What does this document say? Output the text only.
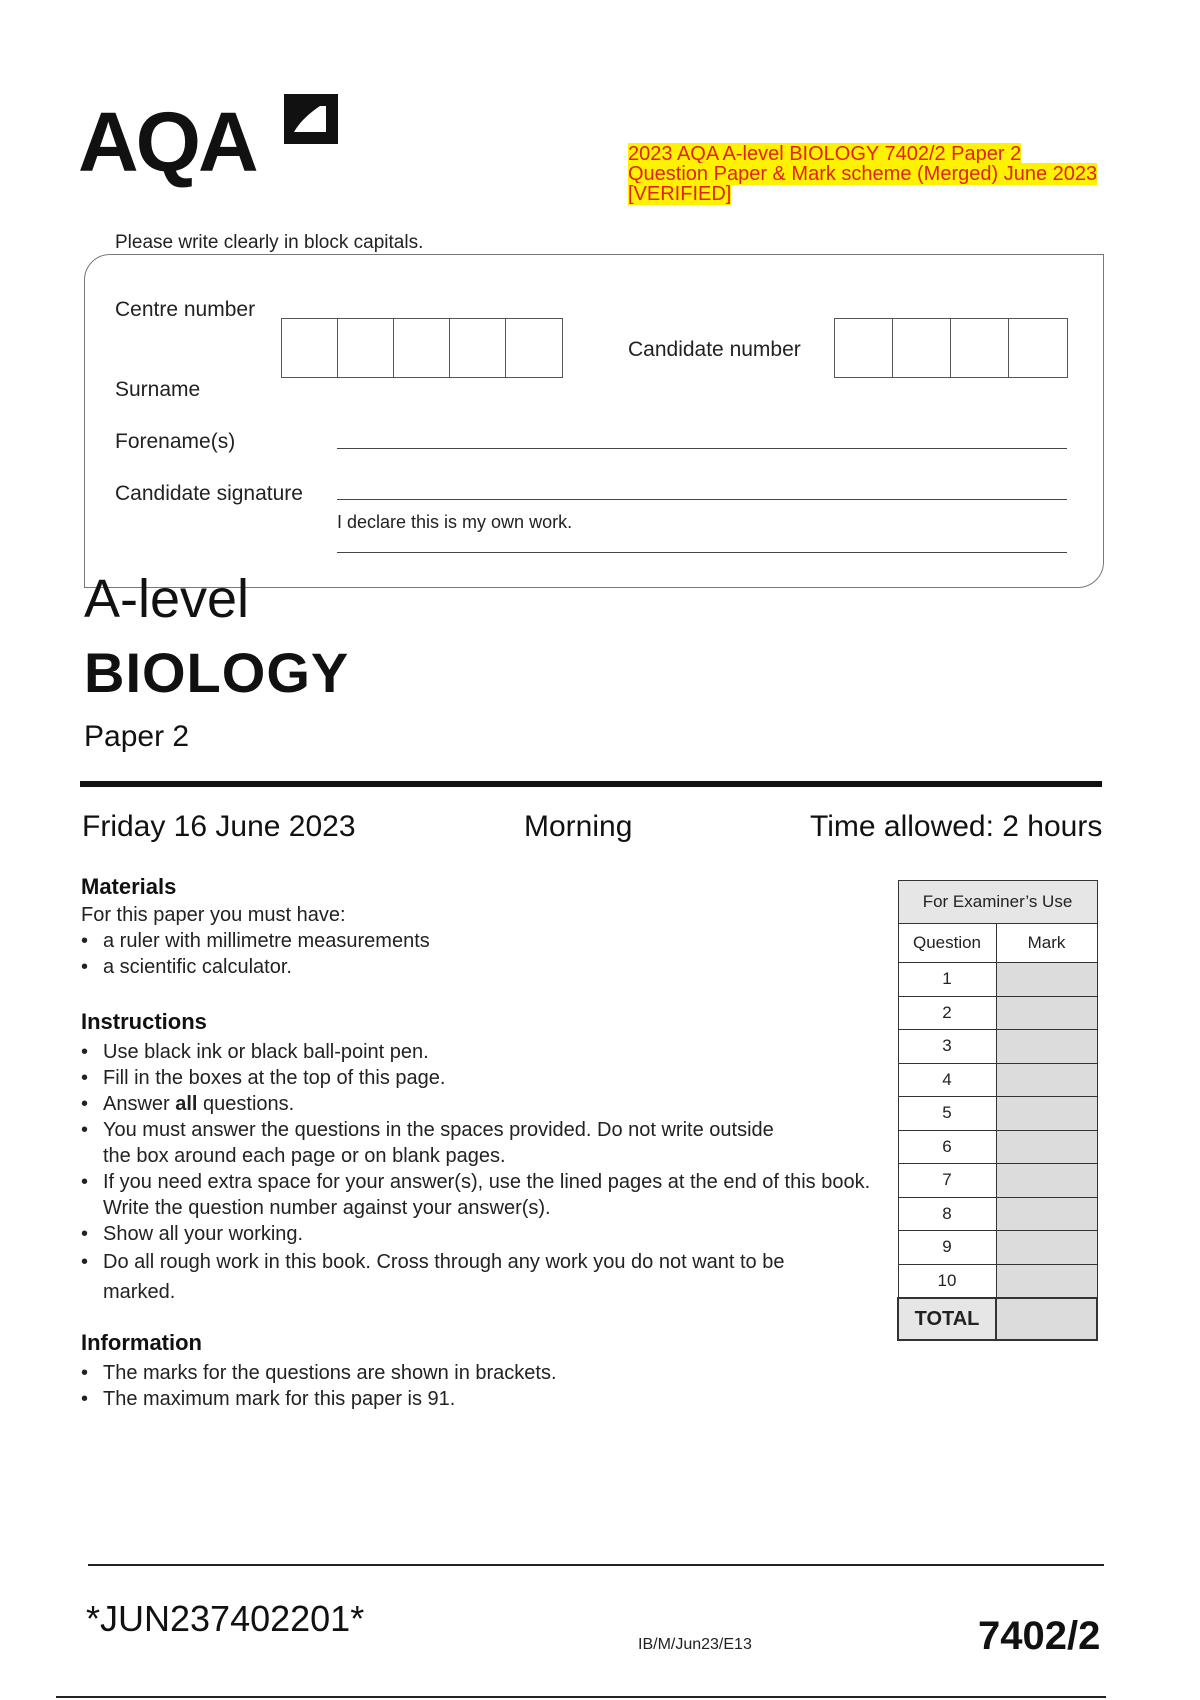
AQA	2023 AQA A-level BIOLOGY 7402/2 Paper 2 Question Paper & Mark scheme (Merged) June 2023 [VERIFIED]
Please write clearly in block capitals.
Centre number
Candidate number
Surname
Forename(s)
Candidate signature
I declare this is my own work.
A-level
BIOLOGY
Paper 2
Friday 16 June 2023	Morning	Time allowed: 2 hours
Materials
For this paper you must have:
• a ruler with millimetre measurements
• a scientific calculator.
Instructions
• Use black ink or black ball-point pen.
• Fill in the boxes at the top of this page.
• Answer all questions.
• You must answer the questions in the spaces provided. Do not write outside the box around each page or on blank pages.
• If you need extra space for your answer(s), use the lined pages at the end of this book. Write the question number against your answer(s).
• Show all your working.
• Do all rough work in this book. Cross through any work you do not want to be marked.
Information
• The marks for the questions are shown in brackets.
• The maximum mark for this paper is 91.
For Examiner’s Use	
Question	Mark
1	
2	
3	
4	
5	
6	
7	
8	
9	
10	
TOTAL	
*JUN237402201*
IB/M/Jun23/E13	7402/2
